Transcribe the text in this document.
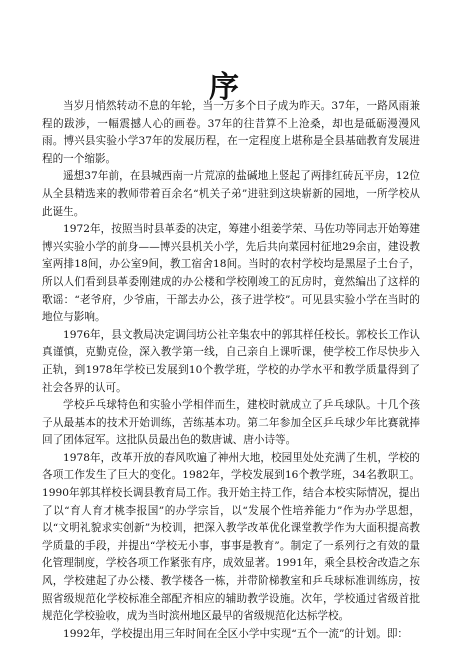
序

当岁月悄然转动不息的年轮，当一万多个日子成为昨天。37年，一路风雨兼程的跋涉，一幅震撼人心的画卷。37年的往昔算不上沧桑，却也是砥砺漫漫风雨。博兴县实验小学37年的发展历程，在一定程度上堪称是全县基础教育发展进程的一个缩影。

遥想37年前，在县城西南一片荒凉的盐碱地上竖起了两排红砖瓦平房，12位从全县精选来的教师带着百余名“机关子弟”进驻到这块崭新的园地，一所学校从此诞生。

1972年，按照当时县革委的决定，筹建小组姜学荣、马佐功等同志开始筹建博兴实验小学的前身——博兴县机关小学，先后共向菜园村征地29余亩，建设教室两排18间，办公室9间，教工宿舍18间。当时的农村学校均是黑屋子土台子，所以人们看到县革委刚建成的办公楼和学校刚竣工的瓦房时，竟然编出了这样的歌谣：“老爷府，少爷庙，干部去办公，孩子进学校”。可见县实验小学在当时的地位与影响。

1976年，县文教局决定调闫坊公社辛集农中的郭其样任校长。郭校长工作认真谨慎，克勤克俭，深入教学第一线，自己亲自上课听课，使学校工作尽快步入正轨，到1978年学校已发展到10个教学班，学校的办学水平和教学质量得到了社会各界的认可。

学校乒乓球特色和实验小学相伴而生，建校时就成立了乒乓球队。十几个孩子从最基本的技术开始训练，苦练基本功。第二年参加全区乒乓球少年比赛就捧回了团体冠军。这批队员最出色的数唐诚、唐小诗等。

1978年，改革开放的春风吹遍了神州大地，校园里处处充满了生机，学校的各项工作发生了巨大的变化。1982年，学校发展到16个教学班，34名教职工。1990年郭其样校长调县教育局工作。我开始主持工作，结合本校实际情况，提出了以“育人育才桃李报国”的办学宗旨，以“发展个性培养能力”作为办学思想，以“文明礼貌求实创新”为校训，把深入教学改革优化课堂教学作为大面积提高教学质量的手段，并提出“学校无小事，事事是教育”。制定了一系列行之有效的量化管理制度，学校各项工作紧张有序，成效显著。1991年，乘全县校舍改造之东风，学校建起了办公楼、教学楼各一栋，并带阶梯教室和乒乓球标准训练房，按照省级规范化学校标准全部配齐相应的辅助教学设施。次年，学校通过省级首批规范化学校验收，成为当时滨州地区最早的省级规范化达标学校。

1992年，学校提出用三年时间在全区小学中实现“五个一流”的计划。即：
